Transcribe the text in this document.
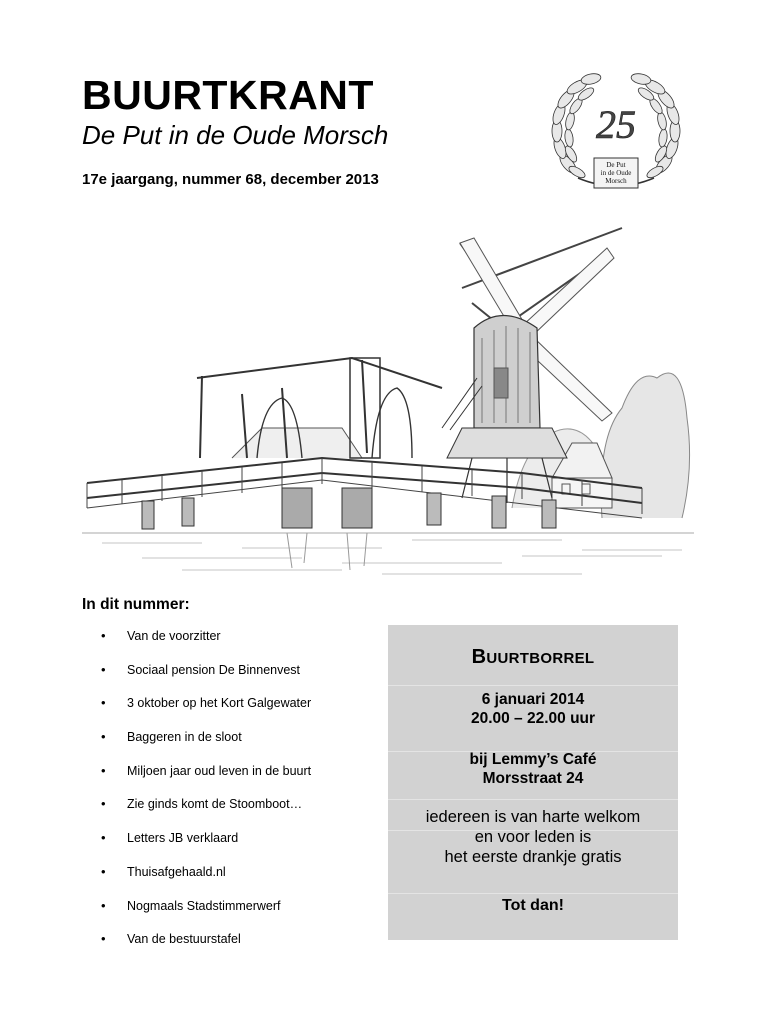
BUURTKRANT
De Put in de Oude Morsch
17e jaargang, nummer 68, december 2013
25
De Put
in de Oude
Morsch
In dit nummer:
• Van de voorzitter
• Sociaal pension De Binnenvest
• 3 oktober op het Kort Galgewater
• Baggeren in de sloot
• Miljoen jaar oud leven in de buurt
• Zie ginds komt de Stoomboot…
• Letters JB verklaard
• Thuisafgehaald.nl
• Nogmaals Stadstimmerwerf
• Van de bestuurstafel
BUURTBORREL
6 januari 2014
20.00 – 22.00 uur
bij Lemmy’s Café
Morsstraat 24
iedereen is van harte welkom
en voor leden is
het eerste drankje gratis
Tot dan!
